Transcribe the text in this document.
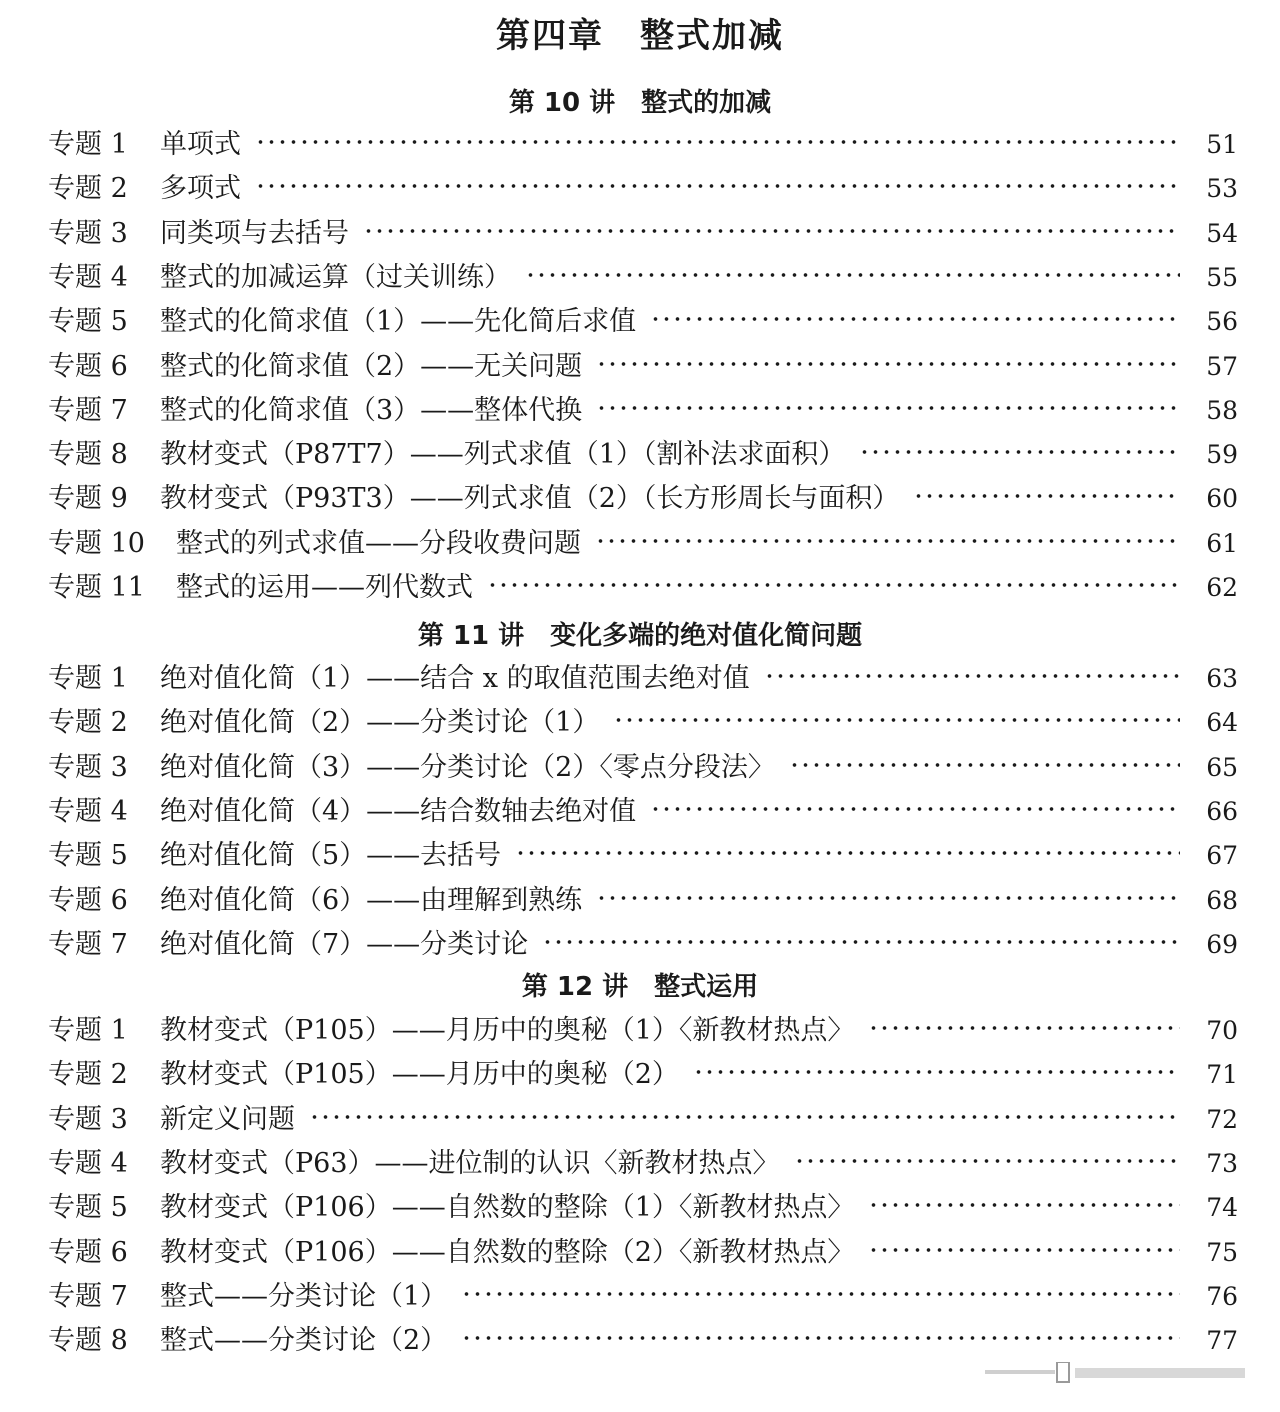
第四章　整式加减
第 10 讲　整式的加减
专题 1	单项式	51
专题 2	多项式	53
专题 3	同类项与去括号	54
专题 4	整式的加减运算（过关训练）	55
专题 5	整式的化简求值（1）——先化简后求值	56
专题 6	整式的化简求值（2）——无关问题	57
专题 7	整式的化简求值（3）——整体代换	58
专题 8	教材变式（P87T7）——列式求值（1）（割补法求面积）	59
专题 9	教材变式（P93T3）——列式求值（2）（长方形周长与面积）	60
专题 10	整式的列式求值——分段收费问题	61
专题 11	整式的运用——列代数式	62
第 11 讲　变化多端的绝对值化简问题
专题 1	绝对值化简（1）——结合 x 的取值范围去绝对值	63
专题 2	绝对值化简（2）——分类讨论（1）	64
专题 3	绝对值化简（3）——分类讨论（2）〈零点分段法〉	65
专题 4	绝对值化简（4）——结合数轴去绝对值	66
专题 5	绝对值化简（5）——去括号	67
专题 6	绝对值化简（6）——由理解到熟练	68
专题 7	绝对值化简（7）——分类讨论	69
第 12 讲　整式运用
专题 1	教材变式（P105）——月历中的奥秘（1）〈新教材热点〉	70
专题 2	教材变式（P105）——月历中的奥秘（2）	71
专题 3	新定义问题	72
专题 4	教材变式（P63）——进位制的认识〈新教材热点〉	73
专题 5	教材变式（P106）——自然数的整除（1）〈新教材热点〉	74
专题 6	教材变式（P106）——自然数的整除（2）〈新教材热点〉	75
专题 7	整式——分类讨论（1）	76
专题 8	整式——分类讨论（2）	77
